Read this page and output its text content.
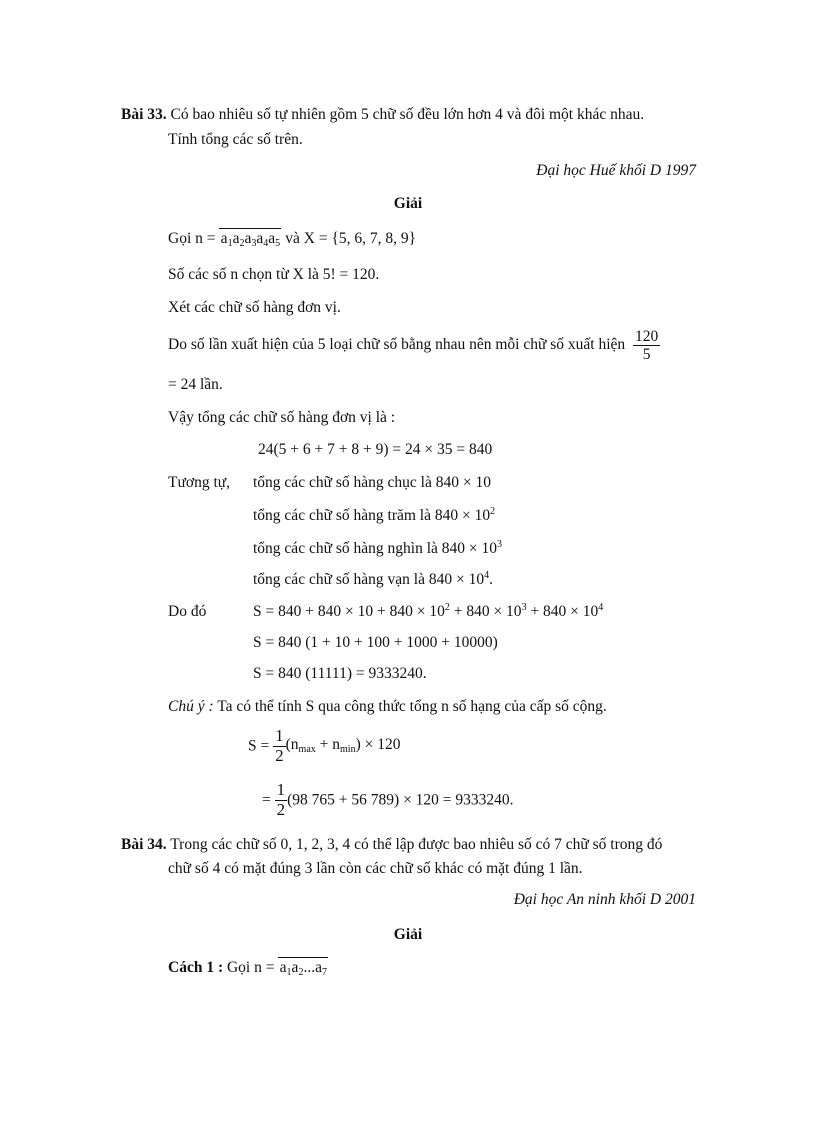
Bài 33. Có bao nhiêu số tự nhiên gồm 5 chữ số đều lớn hơn 4 và đôi một khác nhau.
Tính tổng các số trên.
Đại học Huế khối D 1997
Giải
Gọi n =  $a_1a_2a_3a_4a_5$  và X = {5, 6, 7, 8, 9}
Số các số n chọn từ X là 5! = 120.
Xét các chữ số hàng đơn vị.
Do số lần xuất hiện của 5 loại chữ số bằng nhau nên mỗi chữ số xuất hiện $\frac{120}{5}$
= 24 lần.
Vậy tổng các chữ số hàng đơn vị là :
24(5 + 6 + 7 + 8 + 9) = 24 × 35 = 840
Tương tự, tổng các chữ số hàng chục là 840 × 10
tổng các chữ số hàng trăm là $840 \times 10^2$
tổng các chữ số hàng nghìn là $840 \times 10^3$
tổng các chữ số hàng vạn là $840 \times 10^4$.
Do đó	$S = 840 + 840 \times 10 + 840 \times 10^2 + 840 \times 10^3 + 840 \times 10^4$
S = 840 (1 + 10 + 100 + 1000 + 10000)
S = 840 (11111) = 9333240.
Chú ý : Ta có thể tính S qua công thức tổng n số hạng của cấp số cộng.
$S = \frac{1}{2} (n_{max} + n_{min}) \times 120$
= $\frac{1}{2} (98$ 765 + 56 789) × 120 = 9333240.
Bài 34. Trong các chữ số 0, 1, 2, 3, 4 có thể lập được bao nhiêu số có 7 chữ số trong đó
chữ số 4 có mặt đúng 3 lần còn các chữ số khác có mặt đúng 1 lần.
Đại học An ninh khối D 2001
Giải
Cách 1 : Gọi n =  $a_1a_2...a_7$ 
